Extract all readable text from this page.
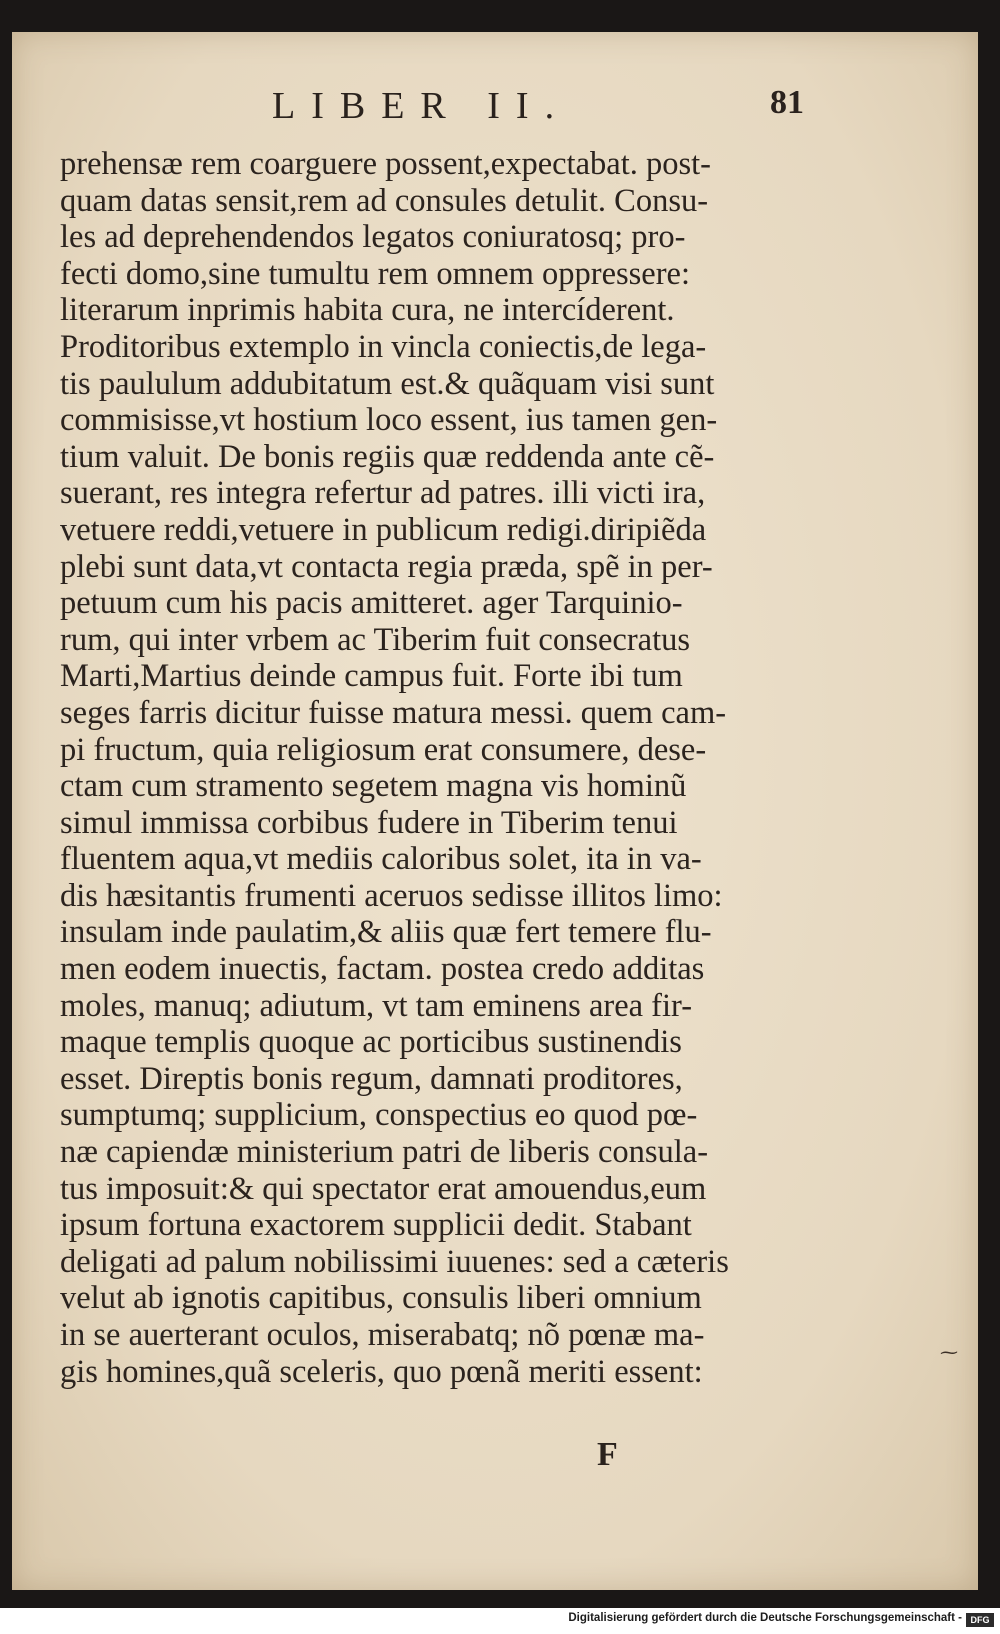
LIBER II.	81
prehensæ rem coarguere possent,expectabat. post-
quam datas sensit,rem ad consules detulit. Consu-
les ad deprehendendos legatos coniuratosq; pro-
fecti domo,sine tumultu rem omnem oppressere:
literarum inprimis habita cura, ne intercíderent.
Proditoribus extemplo in vincla coniectis,de lega-
tis paululum addubitatum est.& quãquam visi sunt
commisisse,vt hostium loco essent, ius tamen gen-
tium valuit. De bonis regiis quæ reddenda ante cẽ-
suerant, res integra refertur ad patres. illi victi ira,
vetuere reddi,vetuere in publicum redigi.diripiẽda
plebi sunt data,vt contacta regia præda, spẽ in per-
petuum cum his pacis amitteret. ager Tarquinio-
rum, qui inter vrbem ac Tiberim fuit consecratus
Marti,Martius deinde campus fuit. Forte ibi tum
seges farris dicitur fuisse matura messi. quem cam-
pi fructum, quia religiosum erat consumere, dese-
ctam cum stramento segetem magna vis hominũ
simul immissa corbibus fudere in Tiberim tenui
fluentem aqua,vt mediis caloribus solet, ita in va-
dis hæsitantis frumenti aceruos sedisse illitos limo:
insulam inde paulatim,& aliis quæ fert temere flu-
men eodem inuectis, factam. postea credo additas
moles, manuq; adiutum, vt tam eminens area fir-
maque templis quoque ac porticibus sustinendis
esset. Direptis bonis regum, damnati proditores,
sumptumq; supplicium, conspectius eo quod pœ-
næ capiendæ ministerium patri de liberis consula-
tus imposuit:& qui spectator erat amouendus,eum
ipsum fortuna exactorem supplicii dedit. Stabant
deligati ad palum nobilissimi iuuenes: sed a cæteris
velut ab ignotis capitibus, consulis liberi omnium
in se auerterant oculos, miserabatq; nõ pœnæ ma-
gis homines,quã sceleris, quo pœnã meriti essent:
F
⁓
Digitalisierung gefördert durch die Deutsche Forschungsgemeinschaft - DFG
